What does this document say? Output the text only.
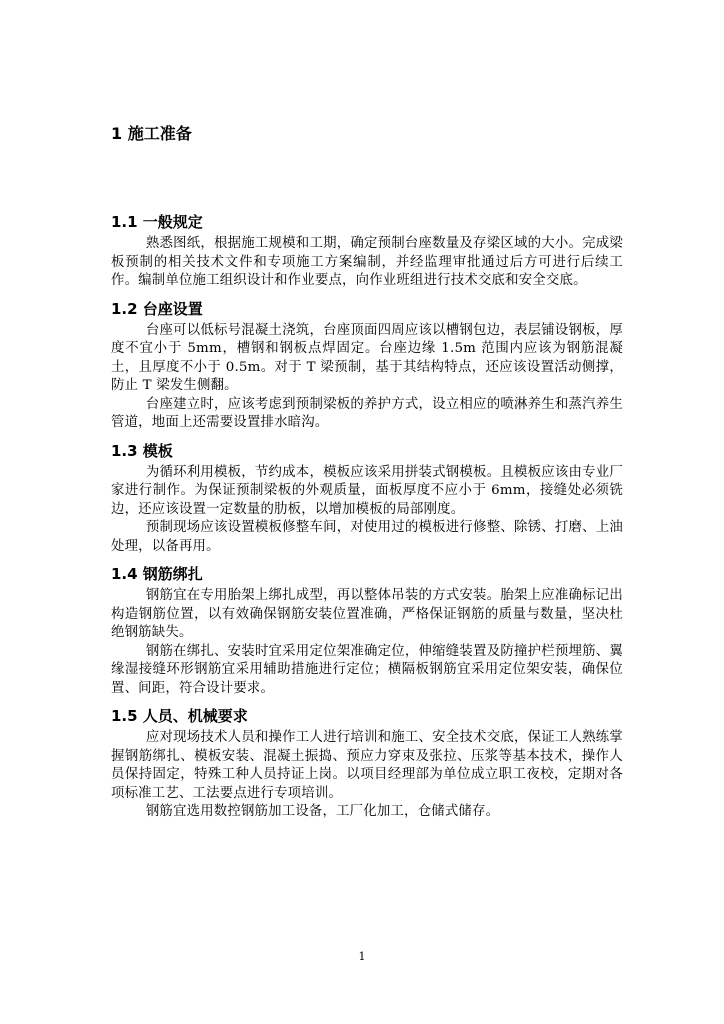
1 施工准备
1.1 一般规定

熟悉图纸，根据施工规模和工期，确定预制台座数量及存梁区域的大小。完成梁板预制的相关技术文件和专项施工方案编制，并经监理审批通过后方可进行后续工作。编制单位施工组织设计和作业要点，向作业班组进行技术交底和安全交底。

1.2 台座设置

台座可以低标号混凝土浇筑，台座顶面四周应该以槽钢包边，表层铺设钢板，厚度不宜小于 5mm，槽钢和钢板点焊固定。台座边缘 1.5m 范围内应该为钢筋混凝土，且厚度不小于 0.5m。对于 T 梁预制，基于其结构特点，还应该设置活动侧撑，防止 T 梁发生侧翻。

台座建立时，应该考虑到预制梁板的养护方式，设立相应的喷淋养生和蒸汽养生管道，地面上还需要设置排水暗沟。

1.3 模板

为循环利用模板，节约成本，模板应该采用拼装式钢模板。且模板应该由专业厂家进行制作。为保证预制梁板的外观质量，面板厚度不应小于 6mm，接缝处必须铣边，还应该设置一定数量的肋板，以增加模板的局部刚度。

预制现场应该设置模板修整车间，对使用过的模板进行修整、除锈、打磨、上油处理，以备再用。

1.4 钢筋绑扎

钢筋宜在专用胎架上绑扎成型，再以整体吊装的方式安装。胎架上应准确标记出构造钢筋位置，以有效确保钢筋安装位置准确，严格保证钢筋的质量与数量，坚决杜绝钢筋缺失。

钢筋在绑扎、安装时宜采用定位架准确定位，伸缩缝装置及防撞护栏预埋筋、翼缘湿接缝环形钢筋宜采用辅助措施进行定位；横隔板钢筋宜采用定位架安装，确保位置、间距，符合设计要求。

1.5 人员、机械要求

应对现场技术人员和操作工人进行培训和施工、安全技术交底，保证工人熟练掌握钢筋绑扎、模板安装、混凝土振捣、预应力穿束及张拉、压浆等基本技术，操作人员保持固定，特殊工种人员持证上岗。以项目经理部为单位成立职工夜校，定期对各项标准工艺、工法要点进行专项培训。

钢筋宜选用数控钢筋加工设备，工厂化加工，仓储式储存。

1
